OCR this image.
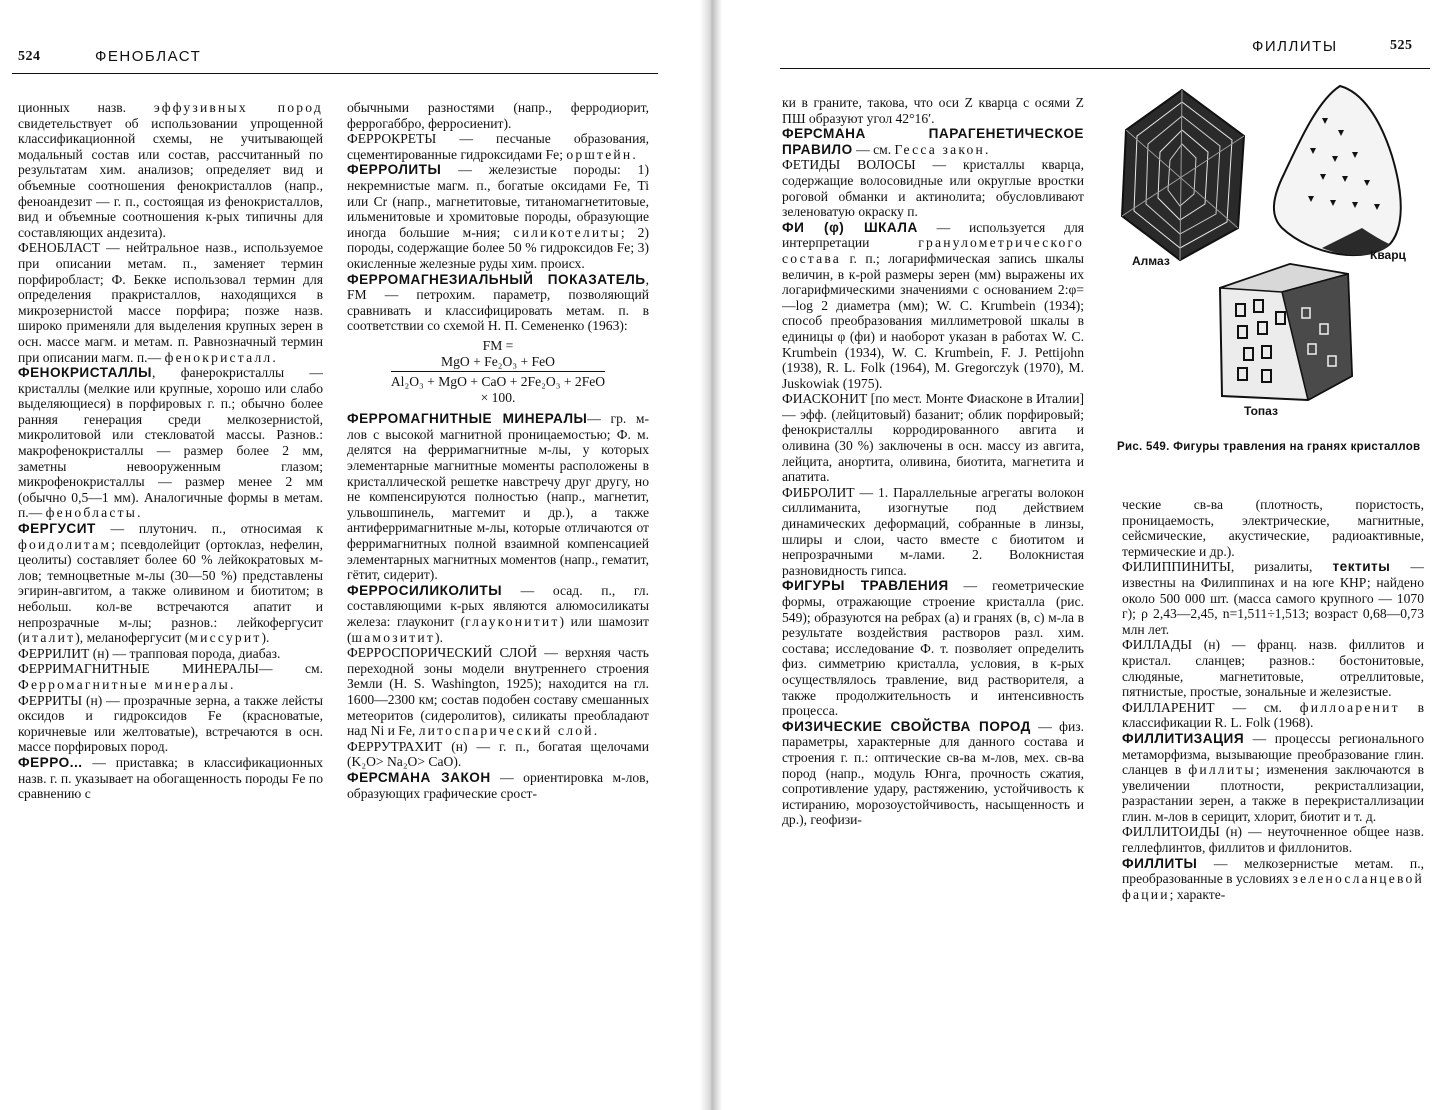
524	ФЕНОБЛАСТ

ционных назв. эффузивных пород свидетельствует об использовании упрощенной классификационной схемы, не учитывающей модальный состав или состав, рассчитанный по результатам хим. анализов; определяет вид и объемные соотношения фенокристаллов (напр., феноандезит — г. п., состоящая из фенокристаллов, вид и объемные соотношения к-рых типичны для составляющих андезита).

ФЕНОБЛАСТ — нейтральное назв., используемое при описании метам. п., заменяет термин порфиробласт; Ф. Бекке использовал термин для определения пракристаллов, находящихся в микрозернистой массе порфира; позже назв. широко применяли для выделения крупных зерен в осн. массе магм. и метам. п. Равнозначный термин при описании магм. п.— фенокристалл.

ФЕНОКРИСТАЛЛЫ, фанерокристаллы — кристаллы (мелкие или крупные, хорошо или слабо выделяющиеся) в порфировых г. п.; обычно более ранняя генерация среди мелкозернистой, микролитовой или стекловатой массы. Разнов.: макрофенокристаллы — размер более 2 мм, заметны невооруженным глазом; микрофенокристаллы — размер менее 2 мм (обычно 0,5—1 мм). Аналогичные формы в метам. п.— фенобласты.

ФЕРГУСИТ — плутонич. п., относимая к фоидолитам; псевдолейцит (ортоклаз, нефелин, цеолиты) составляет более 60 % лейкократовых м-лов; темноцветные м-лы (30—50 %) представлены эгирин-авгитом, а также оливином и биотитом; в небольш. кол-ве встречаются апатит и непрозрачные м-лы; разнов.: лейкофергусит (италит), меланофергусит (миссурит).

ФЕРРИЛИТ (н) — трапповая порода, диабаз.

ФЕРРИМАГНИТНЫЕ МИНЕРАЛЫ— см. Ферромагнитные минералы.

ФЕРРИТЫ (н) — прозрачные зерна, а также лейсты оксидов и гидроксидов Fe (красноватые, коричневые или желтоватые), встречаются в осн. массе порфировых пород.

ФЕРРО... — приставка; в классификационных назв. г. п. указывает на обогащенность породы Fe по сравнению с

обычными разностями (напр., ферродиорит, феррогаббро, ферросиенит).

ФЕРРОКРЕТЫ — песчаные образования, сцементированные гидроксидами Fe; орштейн.

ФЕРРОЛИТЫ — железистые породы: 1) некремнистые магм. п., богатые оксидами Fe, Ti или Cr (напр., магнетитовые, титаномагнетитовые, ильменитовые и хромитовые породы, образующие иногда большие м-ния; силикотелиты; 2) породы, содержащие более 50 % гидроксидов Fe; 3) окисленные железные руды хим. происх.

ФЕРРОМАГНЕЗИАЛЬНЫЙ ПОКАЗАТЕЛЬ, FM — петрохим. параметр, позволяющий сравнивать и классифицировать метам. п. в соответствии со схемой Н. П. Семененко (1963):

FM =
$\frac{\text{MgO + Fe₂O₃ + FeO}}{\text{Al₂O₃ + MgO + CaO + 2Fe₂O₃ + 2FeO}}$
× 100.

ФЕРРОМАГНИТНЫЕ МИНЕРАЛЫ— гр. м-лов с высокой магнитной проницаемостью; Ф. м. делятся на ферримагнитные м-лы, у которых элементарные магнитные моменты расположены в кристаллической решетке навстречу друг другу, но не компенсируются полностью (напр., магнетит, ульвошпинель, маггемит и др.), а также антиферримагнитные м-лы, которые отличаются от ферримагнитных полной взаимной компенсацией элементарных магнитных моментов (напр., гематит, гётит, сидерит).

ФЕРРОСИЛИКОЛИТЫ — осад. п., гл. составляющими к-рых являются алюмосиликаты железа: глауконит (глауконитит) или шамозит (шамозитит).

ФЕРРОСПОРИЧЕСКИЙ СЛОЙ — верхняя часть переходной зоны модели внутреннего строения Земли (H. S. Washington, 1925); находится на гл. 1600—2300 км; состав подобен составу смешанных метеоритов (сидеролитов), силикаты преобладают над Ni и Fe, литоспарический слой.

ФЕРРУТРАХИТ (н) — г. п., богатая щелочами (K₂O> Na₂O> CaO).

ФЕРСМАНА ЗАКОН — ориентировка м-лов, образующих графические срост-

ФИЛЛИТЫ	525

ки в граните, такова, что оси Z кварца с осями Z ПШ образуют угол 42°16′.

ФЕРСМАНА ПАРАГЕНЕТИЧЕСКОЕ ПРАВИЛО — см. Гесса закон.

ФЕТИДЫ ВОЛОСЫ — кристаллы кварца, содержащие волосовидные или округлые вростки роговой обманки и актинолита; обусловливают зеленоватую окраску п.

ФИ (φ) ШКАЛА — используется для интерпретации гранулометрического состава г. п.; логарифмическая запись шкалы величин, в к-рой размеры зерен (мм) выражены их логарифмическими значениями с основанием 2:φ=—log 2 диаметра (мм); W. C. Krumbein (1934); способ преобразования миллиметровой шкалы в единицы φ (фи) и наоборот указан в работах W. C. Krumbein (1934), W. C. Krumbein, F. J. Pettijohn (1938), R. L. Folk (1964), M. Gregorczyk (1970), M. Juskowiak (1975).

ФИАСКОНИТ [по мест. Монте Фиасконе в Италии] — эфф. (лейцитовый) базанит; облик порфировый; фенокристаллы корродированного авгита и оливина (30 %) заключены в осн. массу из авгита, лейцита, анортита, оливина, биотита, магнетита и апатита.

ФИБРОЛИТ — 1. Параллельные агрегаты волокон силлиманита, изогнутые под действием динамических деформаций, собранные в линзы, шлиры и слои, часто вместе с биотитом и непрозрачными м-лами. 2. Волокнистая разновидность гипса.

ФИГУРЫ ТРАВЛЕНИЯ — геометрические формы, отражающие строение кристалла (рис. 549); образуются на ребрах (a) и гранях (в, с) м-ла в результате воздействия растворов разл. хим. состава; исследование Ф. т. позволяет определить физ. симметрию кристалла, условия, в к-рых осуществлялось травление, вид растворителя, а также продолжительность и интенсивность процесса.

ФИЗИЧЕСКИЕ СВОЙСТВА ПОРОД — физ. параметры, характерные для данного состава и строения г. п.: оптические св-ва м-лов, мех. св-ва пород (напр., модуль Юнга, прочность сжатия, сопротивление удару, растяжению, устойчивость к истиранию, морозоустойчивость, насыщенность и др.), геофизи-

Алмаз	Кварц
Топаз
Рис. 549. Фигуры травления на гранях кристаллов

ческие св-ва (плотность, пористость, проницаемость, электрические, магнитные, сейсмические, акустические, радиоактивные, термические и др.).

ФИЛИППИНИТЫ, ризалиты, тектиты — известны на Филиппинах и на юге КНР; найдено около 500 000 шт. (масса самого крупного — 1070 г); ρ 2,43—2,45, n=1,511÷1,513; возраст 0,68—0,73 млн лет.

ФИЛЛАДЫ (н) — франц. назв. филлитов и кристал. сланцев; разнов.: бостонитовые, слюдяные, магнетитовые, отреллитовые, пятнистые, простые, зональные и железистые.

ФИЛЛАРЕНИТ — см. филлоаренит в классификации R. L. Folk (1968).

ФИЛЛИТИЗАЦИЯ — процессы регионального метаморфизма, вызывающие преобразование глин. сланцев в филлиты; изменения заключаются в увеличении плотности, рекристаллизации, разрастании зерен, а также в перекристаллизации глин. м-лов в серицит, хлорит, биотит и т. д.

ФИЛЛИТОИДЫ (н) — неуточненное общее назв. геллефлинтов, филлитов и филлонитов.

ФИЛЛИТЫ — мелкозернистые метам. п., преобразованные в условиях зеленосланцевой фации; характе-
